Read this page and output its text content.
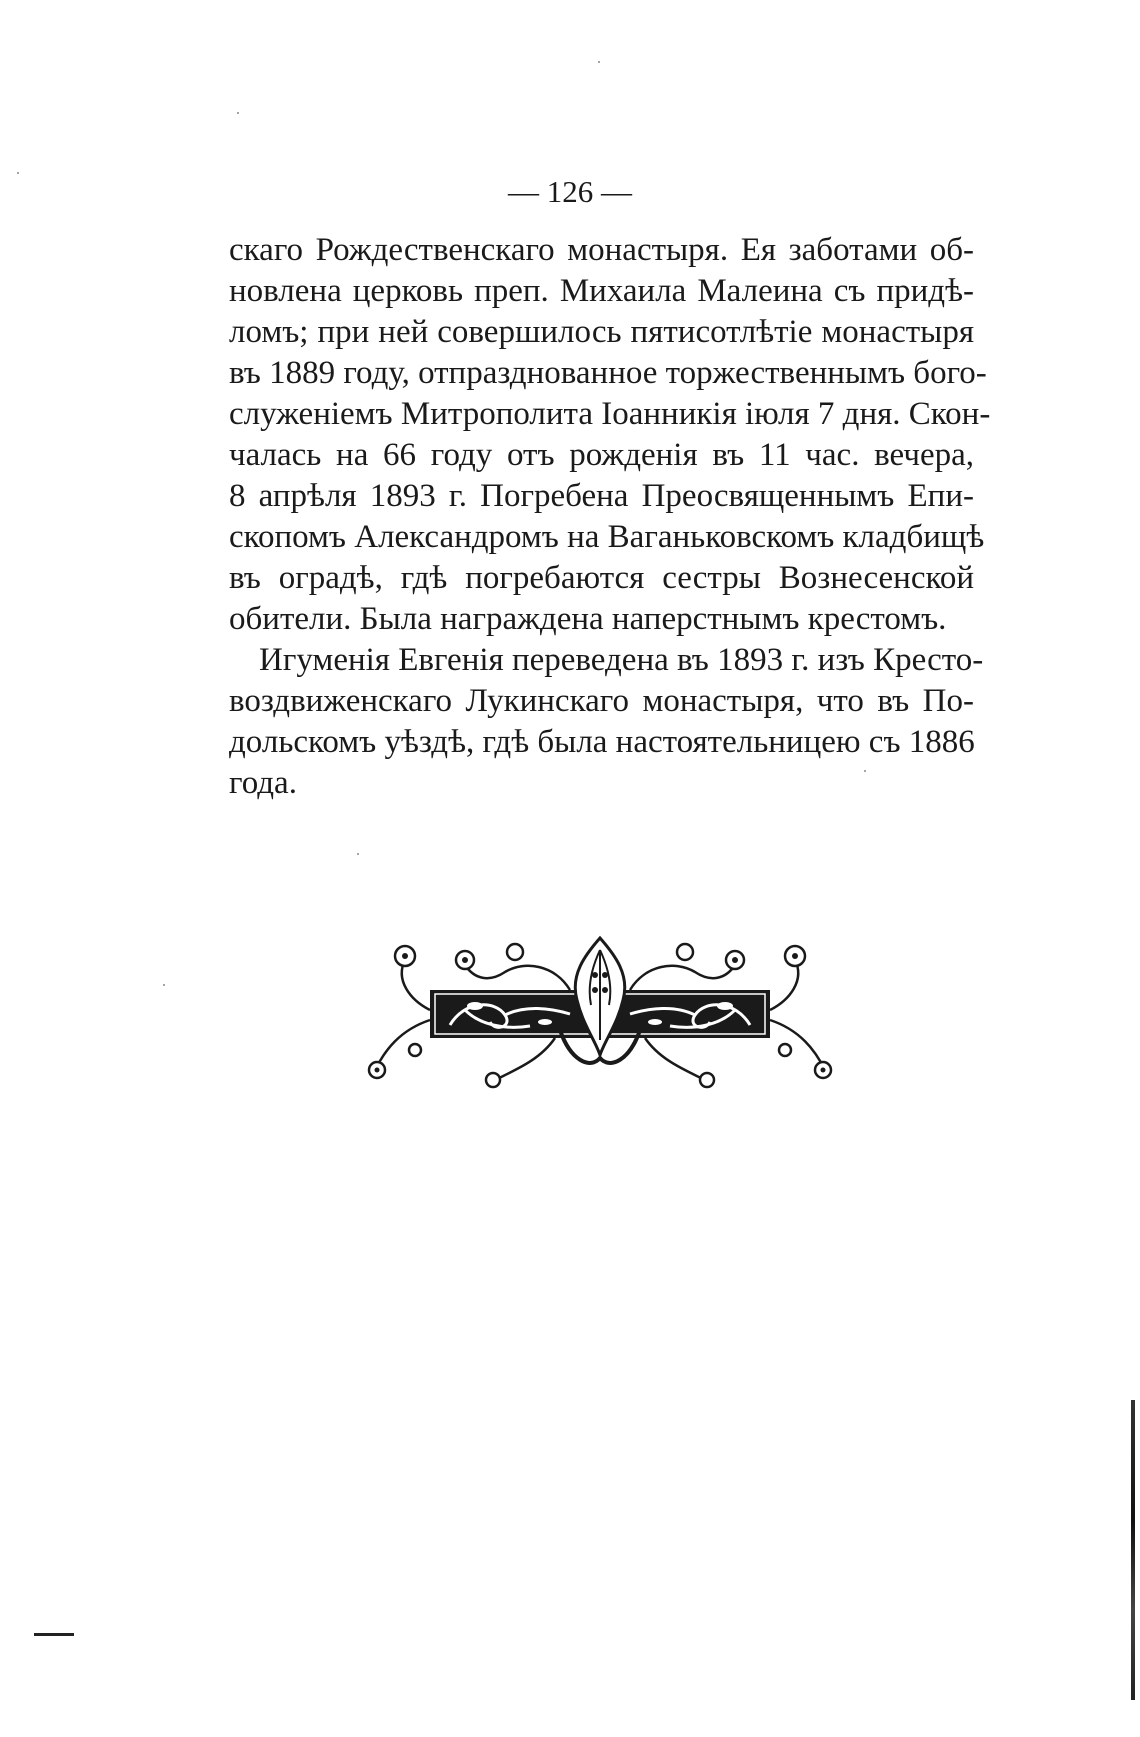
— 126 —
скаго Рождественскаго монастыря. Ея заботами об-
новлена церковь преп. Михаила Малеина съ придѣ-
ломъ; при ней совершилось пятисотлѣтіе монастыря
въ 1889 году, отпразднованное торжественнымъ бого-
служеніемъ Митрополита Іоанникія іюля 7 дня. Скон-
чалась на 66 году отъ рожденія въ 11 час. вечера,
8 апрѣля 1893 г. Погребена Преосвященнымъ Епи-
скопомъ Александромъ на Ваганьковскомъ кладбищѣ
въ оградѣ, гдѣ погребаются сестры Вознесенской
обители. Была награждена наперстнымъ крестомъ.
Игуменія Евгенія переведена въ 1893 г. изъ Кресто-
воздвиженскаго Лукинскаго монастыря, что въ По-
дольскомъ уѣздѣ, гдѣ была настоятельницею съ 1886
года.
